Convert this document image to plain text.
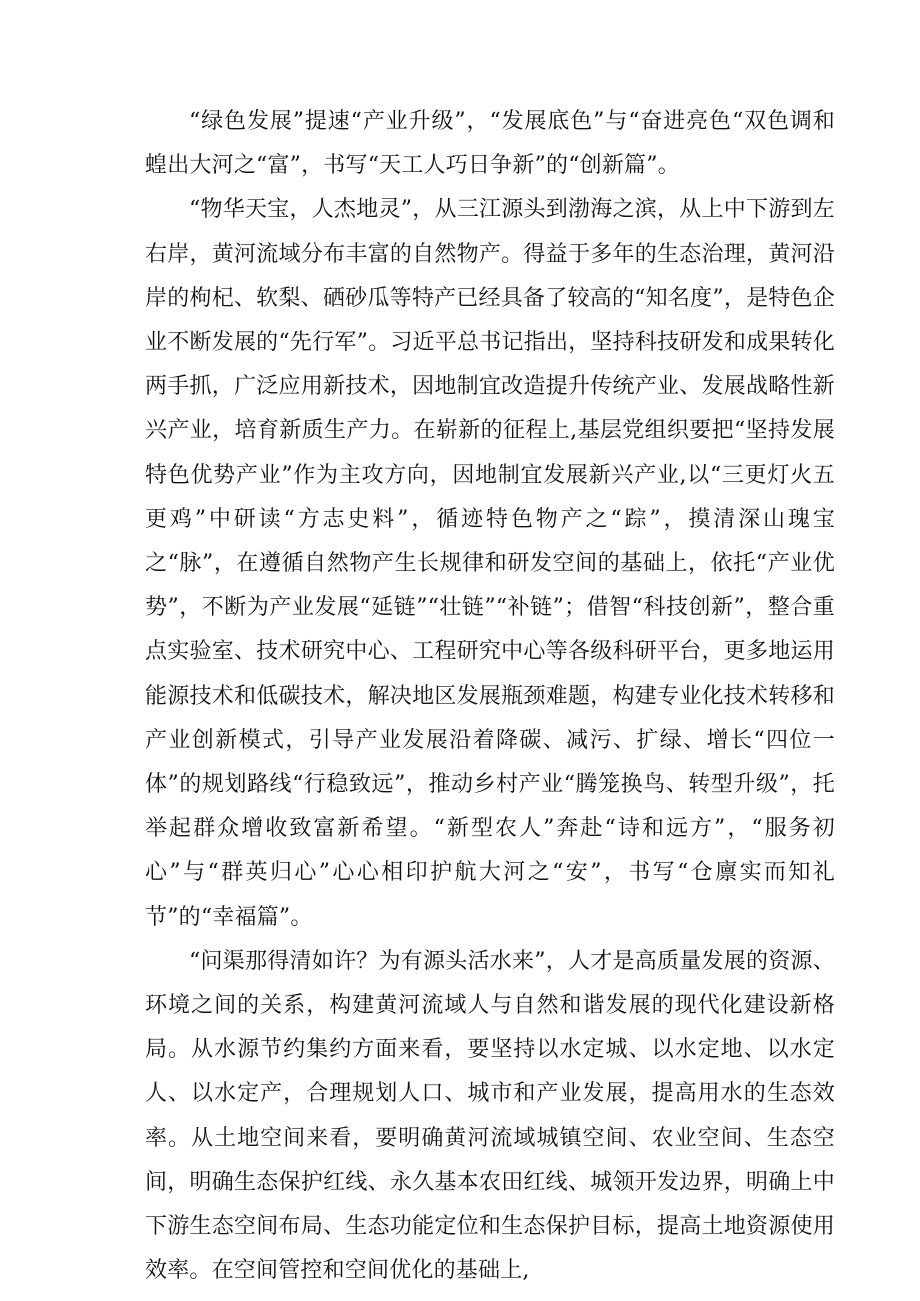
“绿色发展”提速“产业升级”，“发展底色”与“奋进亮色“双色调和蝗出大河之“富”，书写“天工人巧日争新”的“创新篇”。

“物华天宝，人杰地灵”，从三江源头到渤海之滨，从上中下游到左右岸，黄河流域分布丰富的自然物产。得益于多年的生态治理，黄河沿岸的枸杞、软梨、硒砂瓜等特产已经具备了较高的“知名度”，是特色企业不断发展的“先行军”。习近平总书记指出，坚持科技研发和成果转化两手抓，广泛应用新技术，因地制宜改造提升传统产业、发展战略性新兴产业，培育新质生产力。在崭新的征程上,基层党组织要把“坚持发展特色优势产业”作为主攻方向，因地制宜发展新兴产业,以“三更灯火五更鸡”中研读“方志史料”，循迹特色物产之“踪”，摸清深山瑰宝之“脉”，在遵循自然物产生长规律和研发空间的基础上，依托“产业优势”，不断为产业发展“延链”“壮链”“补链”；借智“科技创新”，整合重点实验室、技术研究中心、工程研究中心等各级科研平台，更多地运用能源技术和低碳技术，解决地区发展瓶颈难题，构建专业化技术转移和产业创新模式，引导产业发展沿着降碳、减污、扩绿、增长“四位一体”的规划路线“行稳致远”，推动乡村产业“腾笼换鸟、转型升级”，托举起群众增收致富新希望。“新型农人”奔赴“诗和远方”，“服务初心”与“群英归心”心心相印护航大河之“安”，书写“仓廪实而知礼节”的“幸福篇”。

“问渠那得清如许？为有源头活水来”，人才是高质量发展的资源、环境之间的关系，构建黄河流域人与自然和谐发展的现代化建设新格局。从水源节约集约方面来看，要坚持以水定城、以水定地、以水定人、以水定产，合理规划人口、城市和产业发展，提高用水的生态效率。从土地空间来看，要明确黄河流域城镇空间、农业空间、生态空间，明确生态保护红线、永久基本农田红线、城领开发边界，明确上中下游生态空间布局、生态功能定位和生态保护目标，提高土地资源使用效率。在空间管控和空间优化的基础上,
